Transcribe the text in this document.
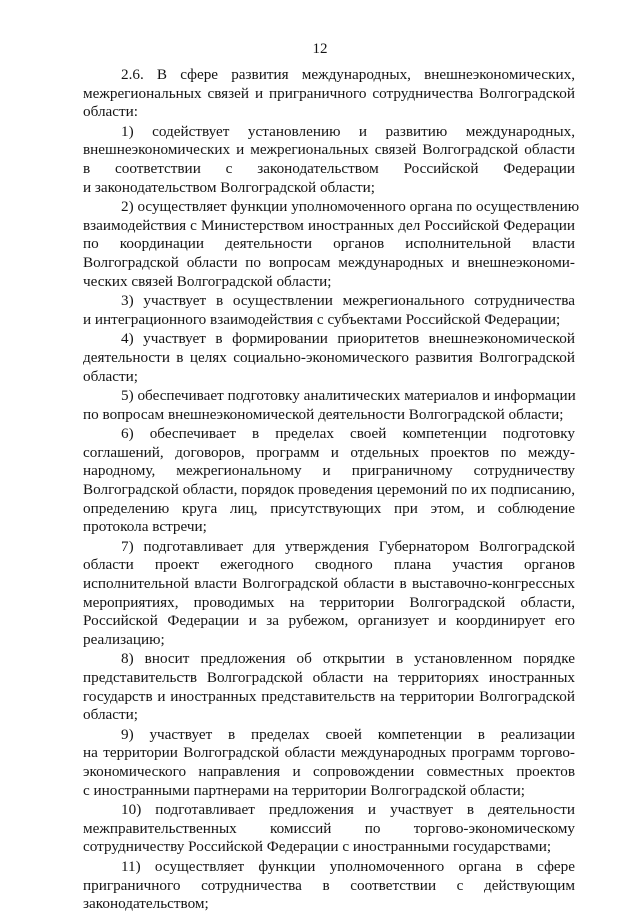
12
2.6. В сфере развития международных, внешнеэкономических,
межрегиональных связей и приграничного сотрудничества Волгоградской
области:
1) содействует установлению и развитию международных,
внешнеэкономических и межрегиональных связей Волгоградской области
в соответствии с законодательством Российской Федерации
и законодательством Волгоградской области;
2) осуществляет функции уполномоченного органа по осуществлению
взаимодействия с Министерством иностранных дел Российской Федерации
по координации деятельности органов исполнительной власти
Волгоградской области по вопросам международных и внешнеэкономи-
ческих связей Волгоградской области;
3) участвует в осуществлении межрегионального сотрудничества
и интеграционного взаимодействия с субъектами Российской Федерации;
4) участвует в формировании приоритетов внешнеэкономической
деятельности в целях социально-экономического развития Волгоградской
области;
5) обеспечивает подготовку аналитических материалов и информации
по вопросам внешнеэкономической деятельности Волгоградской области;
6) обеспечивает в пределах своей компетенции подготовку
соглашений, договоров, программ и отдельных проектов по между-
народному, межрегиональному и приграничному сотрудничеству
Волгоградской области, порядок проведения церемоний по их подписанию,
определению круга лиц, присутствующих при этом, и соблюдение
протокола встречи;
7) подготавливает для утверждения Губернатором Волгоградской
области проект ежегодного сводного плана участия органов
исполнительной власти Волгоградской области в выставочно-конгрессных
мероприятиях, проводимых на территории Волгоградской области,
Российской Федерации и за рубежом, организует и координирует его
реализацию;
8) вносит предложения об открытии в установленном порядке
представительств Волгоградской области на территориях иностранных
государств и иностранных представительств на территории Волгоградской
области;
9) участвует в пределах своей компетенции в реализации
на территории Волгоградской области международных программ торгово-
экономического направления и сопровождении совместных проектов
с иностранными партнерами на территории Волгоградской области;
10) подготавливает предложения и участвует в деятельности
межправительственных комиссий по торгово-экономическому
сотрудничеству Российской Федерации с иностранными государствами;
11) осуществляет функции уполномоченного органа в сфере
приграничного сотрудничества в соответствии с действующим
законодательством;
